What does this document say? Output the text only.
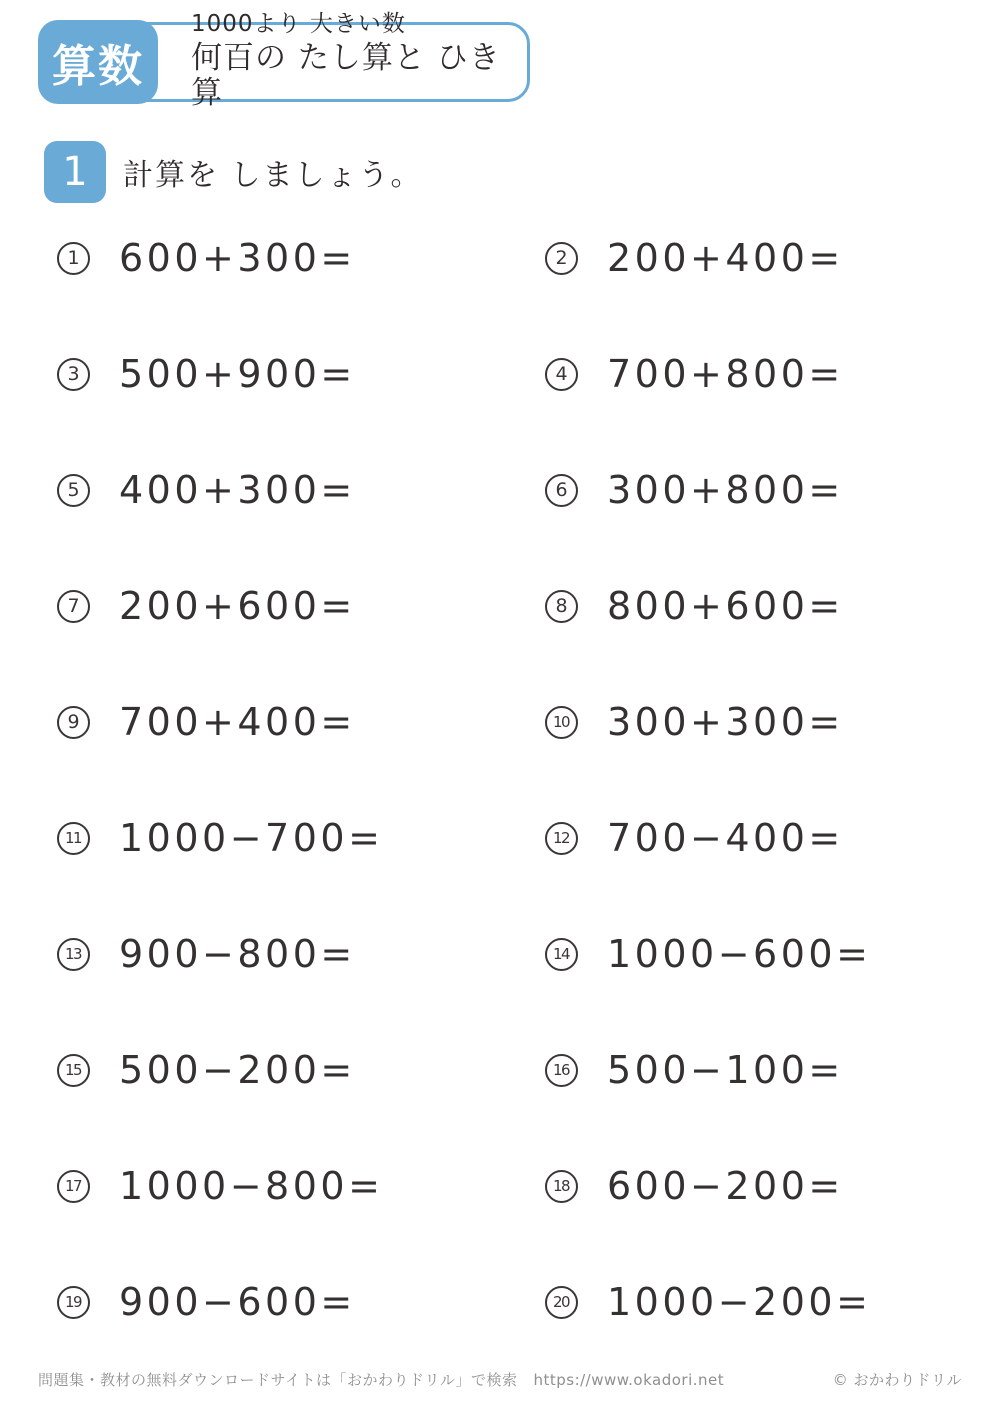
1000より 大きい数
何百の たし算と ひき算
算数
1 計算を しましょう。
1 600+300=	2 200+400=
3 500+900=	4 700+800=
5 400+300=	6 300+800=
7 200+600=	8 800+600=
9 700+400=	10 300+300=
11 1000−700=	12 700−400=
13 900−800=	14 1000−600=
15 500−200=	16 500−100=
17 1000−800=	18 600−200=
19 900−600=	20 1000−200=
問題集・教材の無料ダウンロードサイトは「おかわりドリル」で検索 https://www.okadori.net	© おかわりドリル
